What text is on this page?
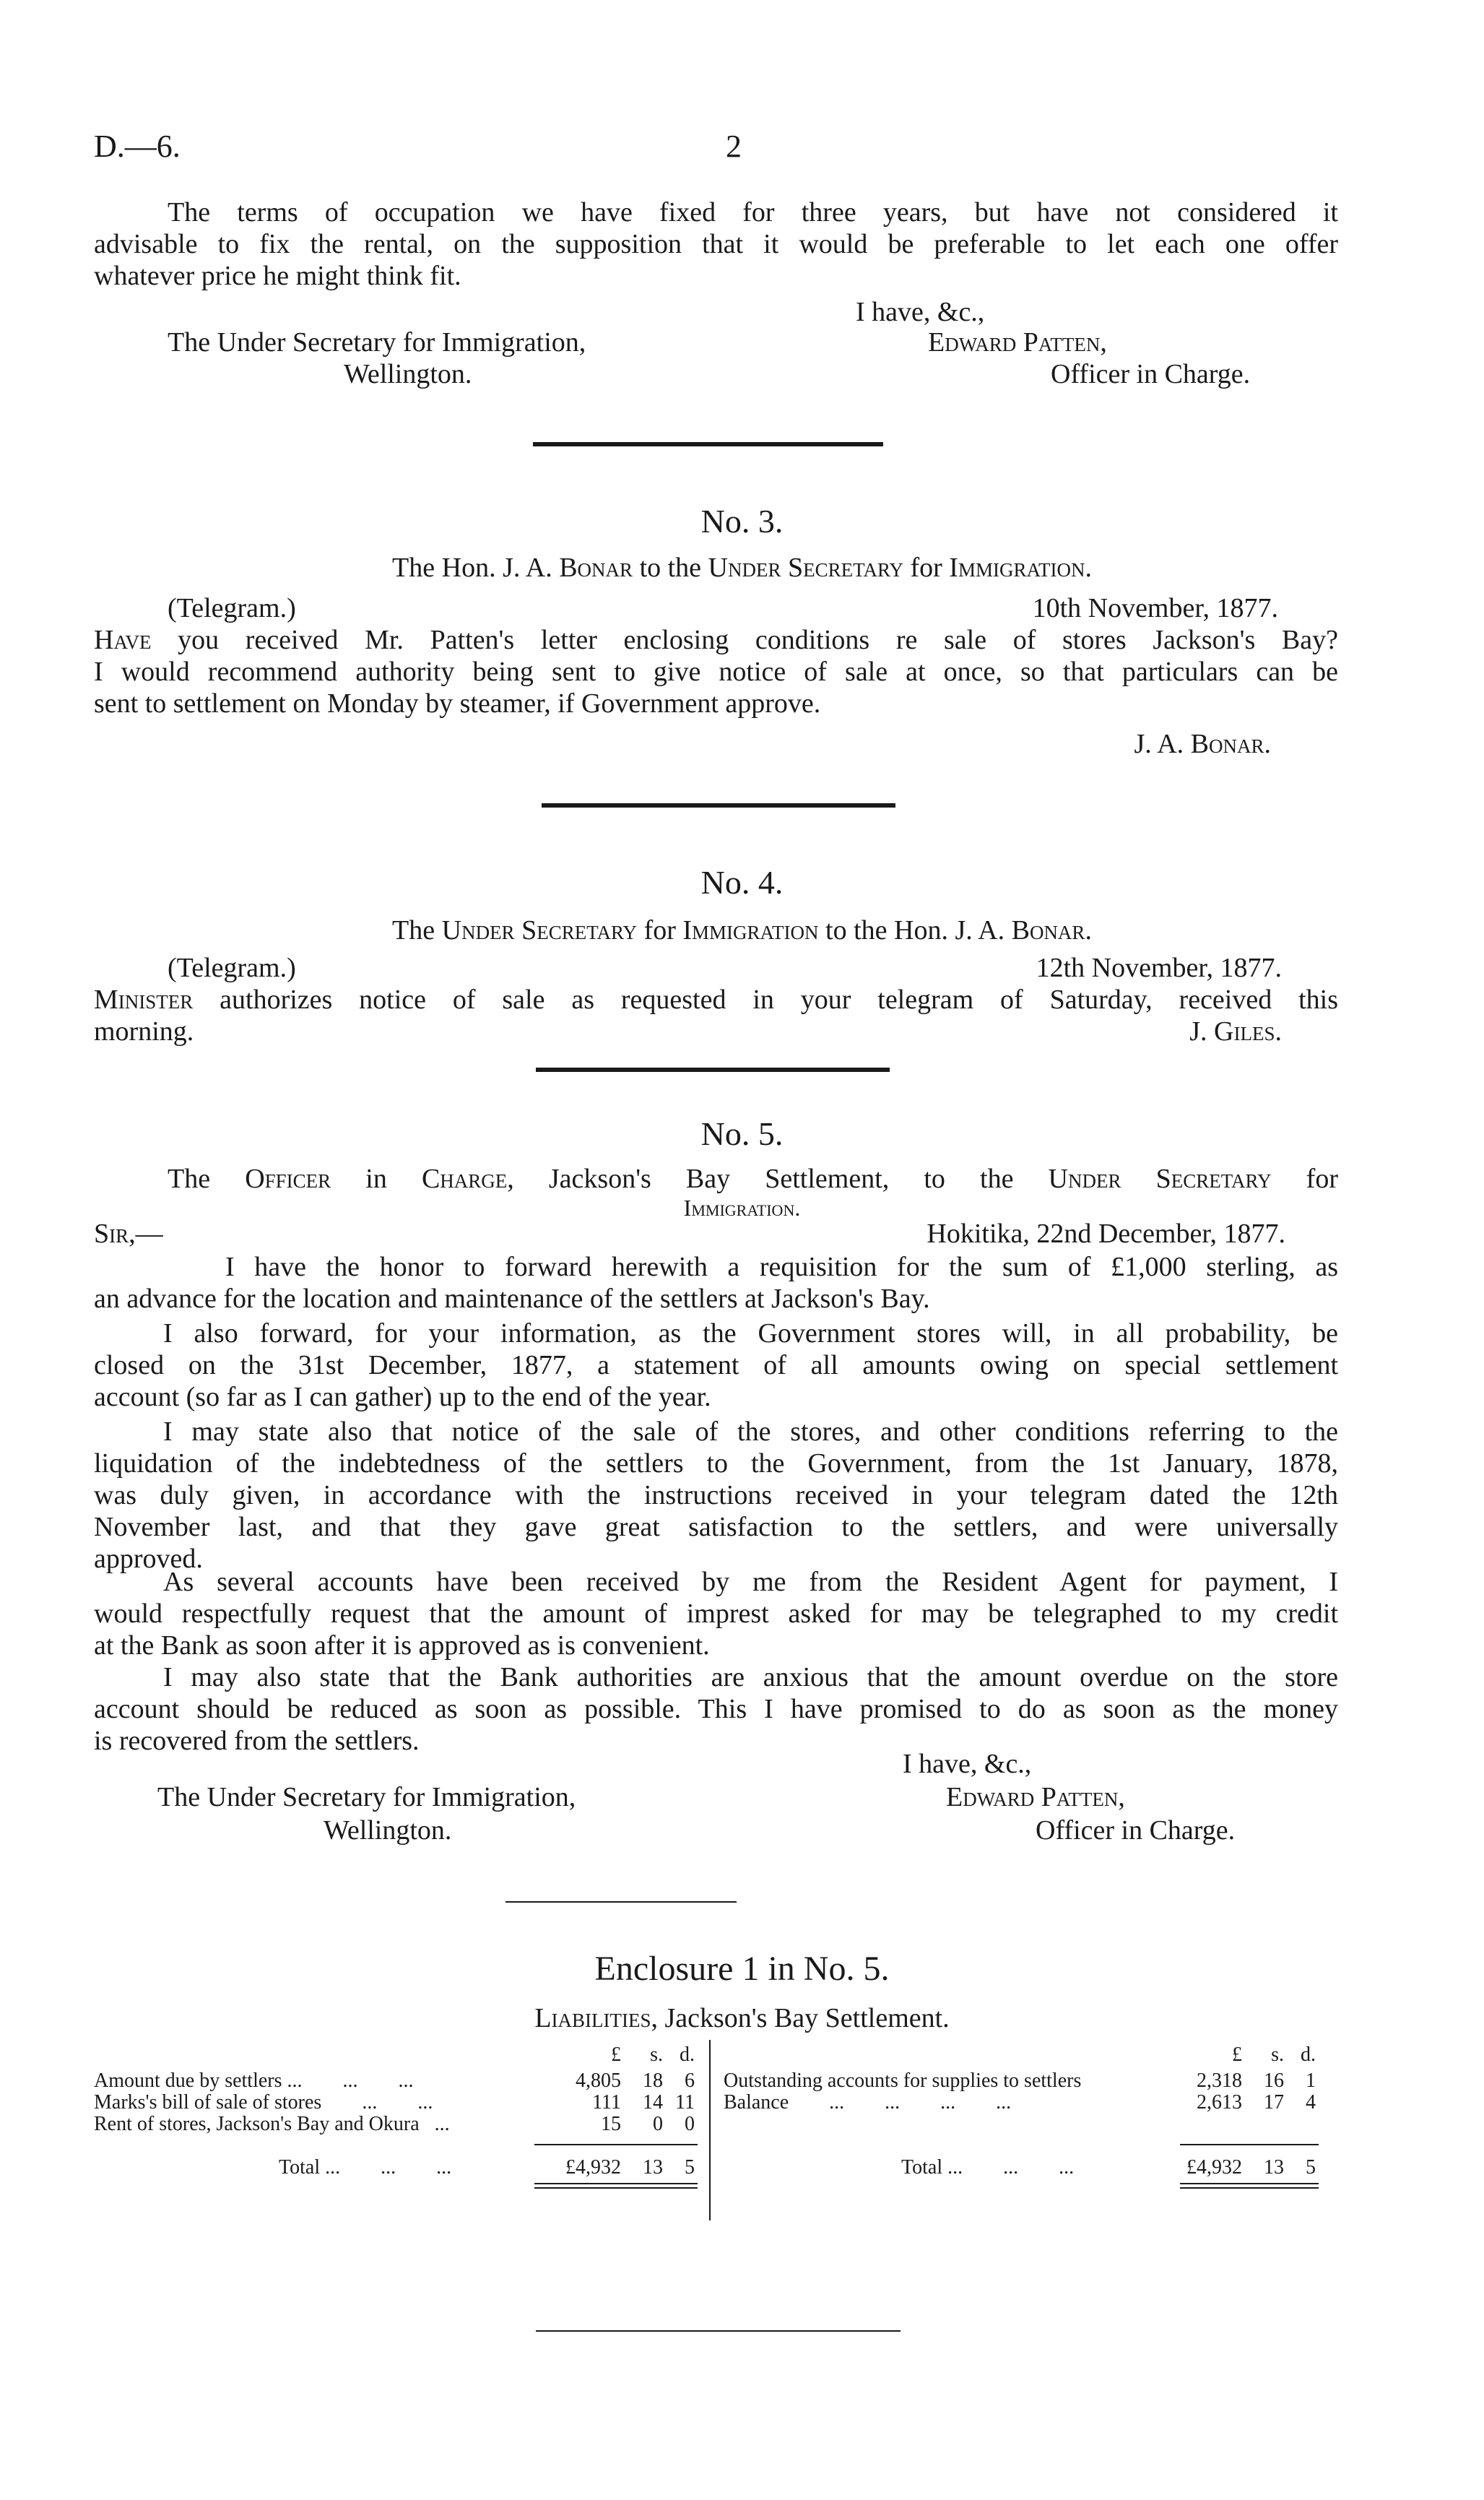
D.—6.	2
The terms of occupation we have fixed for three years, but have not considered it
advisable to fix the rental, on the supposition that it would be preferable to let each one offer
whatever price he might think fit.
I have, &c.,
The Under Secretary for Immigration,
Wellington.
Edward Patten,
Officer in Charge.
No. 3.
The Hon. J. A. Bonar to the Under Secretary for Immigration.
(Telegram.)	10th November, 1877.
Have you received Mr. Patten's letter enclosing conditions re sale of stores Jackson's Bay?
I would recommend authority being sent to give notice of sale at once, so that particulars can be
sent to settlement on Monday by steamer, if Government approve.
J. A. Bonar.
No. 4.
The Under Secretary for Immigration to the Hon. J. A. Bonar.
(Telegram.)	12th November, 1877.
Minister authorizes notice of sale as requested in your telegram of Saturday, received this
morning.	J. Giles.
No. 5.
The Officer in Charge, Jackson's Bay Settlement, to the Under Secretary for
Immigration.
Sir,—	Hokitika, 22nd December, 1877.
I have the honor to forward herewith a requisition for the sum of £1,000 sterling, as
an advance for the location and maintenance of the settlers at Jackson's Bay.
I also forward, for your information, as the Government stores will, in all probability, be
closed on the 31st December, 1877, a statement of all amounts owing on special settlement
account (so far as I can gather) up to the end of the year.
I may state also that notice of the sale of the stores, and other conditions referring to the
liquidation of the indebtedness of the settlers to the Government, from the 1st January, 1878,
was duly given, in accordance with the instructions received in your telegram dated the 12th
November last, and that they gave great satisfaction to the settlers, and were universally
approved.
As several accounts have been received by me from the Resident Agent for payment, I
would respectfully request that the amount of imprest asked for may be telegraphed to my credit
at the Bank as soon after it is approved as is convenient.
I may also state that the Bank authorities are anxious that the amount overdue on the store
account should be reduced as soon as possible. This I have promised to do as soon as the money
is recovered from the settlers.
I have, &c.,
The Under Secretary for Immigration,
Wellington.
Edward Patten,
Officer in Charge.
Enclosure 1 in No. 5.
Liabilities, Jackson's Bay Settlement.
£	s. d.
Amount due by settlers ...        ...        ...	4,805	18	6
Marks's bill of sale of stores        ...        ...	111	14 11
Rent of stores, Jackson's Bay and Okura   ...	15	0	0
Total ...        ...        ...	£4,932	13	5
£	s. d.
Outstanding accounts for supplies to settlers	2,318	16	1
Balance        ...        ...        ...        ...	2,613	17	4
Total ...        ...        ...	£4,932	13	5
